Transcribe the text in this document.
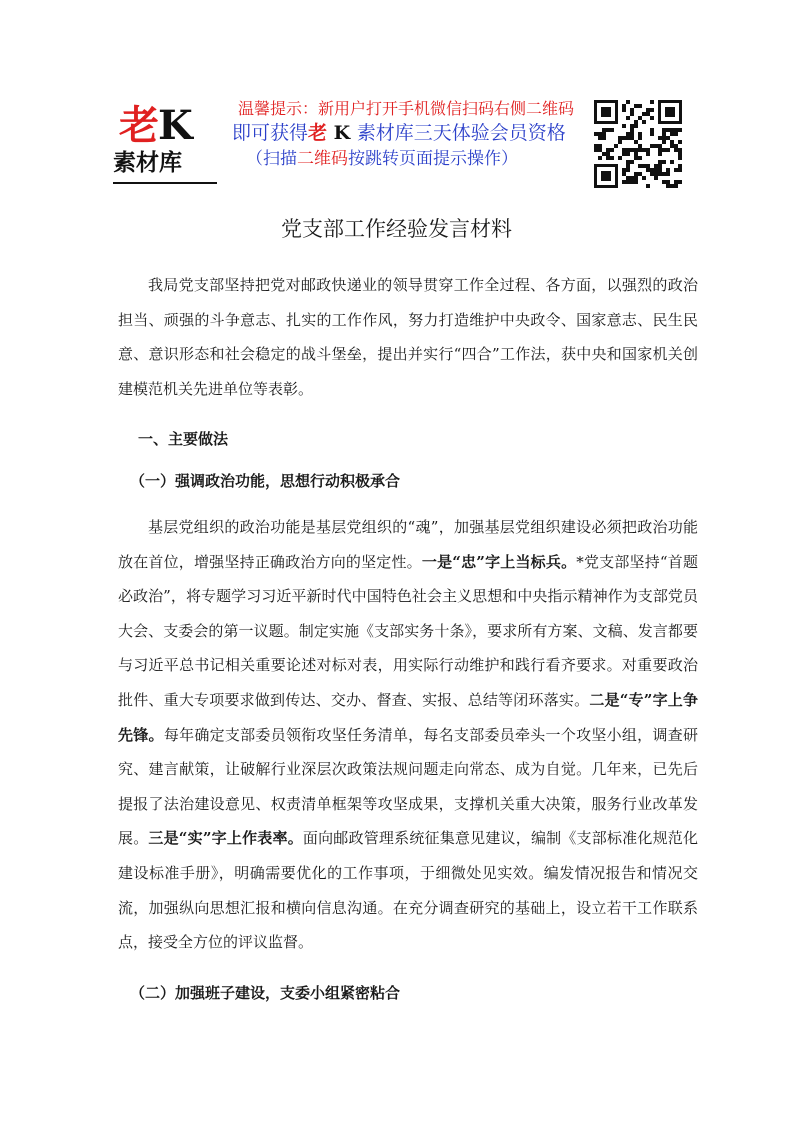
老K
素材库
温馨提示：新用户打开手机微信扫码右侧二维码
即可获得老 K 素材库三天体验会员资格
（扫描二维码按跳转页面提示操作）
党支部工作经验发言材料

我局党支部坚持把党对邮政快递业的领导贯穿工作全过程、各方面，以强烈的政治担当、顽强的斗争意志、扎实的工作作风，努力打造维护中央政令、国家意志、民生民意、意识形态和社会稳定的战斗堡垒，提出并实行“四合”工作法，获中央和国家机关创建模范机关先进单位等表彰。

一、主要做法

（一）强调政治功能，思想行动积极承合

基层党组织的政治功能是基层党组织的“魂”，加强基层党组织建设必须把政治功能放在首位，增强坚持正确政治方向的坚定性。一是“忠”字上当标兵。*党支部坚持“首题必政治”，将专题学习习近平新时代中国特色社会主义思想和中央指示精神作为支部党员大会、支委会的第一议题。制定实施《支部实务十条》，要求所有方案、文稿、发言都要与习近平总书记相关重要论述对标对表，用实际行动维护和践行看齐要求。对重要政治批件、重大专项要求做到传达、交办、督查、实报、总结等闭环落实。二是“专”字上争先锋。每年确定支部委员领衔攻坚任务清单，每名支部委员牵头一个攻坚小组，调查研究、建言献策，让破解行业深层次政策法规问题走向常态、成为自觉。几年来，已先后提报了法治建设意见、权责清单框架等攻坚成果，支撑机关重大决策，服务行业改革发展。三是“实”字上作表率。面向邮政管理系统征集意见建议，编制《支部标准化规范化建设标准手册》，明确需要优化的工作事项，于细微处见实效。编发情况报告和情况交流，加强纵向思想汇报和横向信息沟通。在充分调查研究的基础上，设立若干工作联系点，接受全方位的评议监督。

（二）加强班子建设，支委小组紧密粘合
